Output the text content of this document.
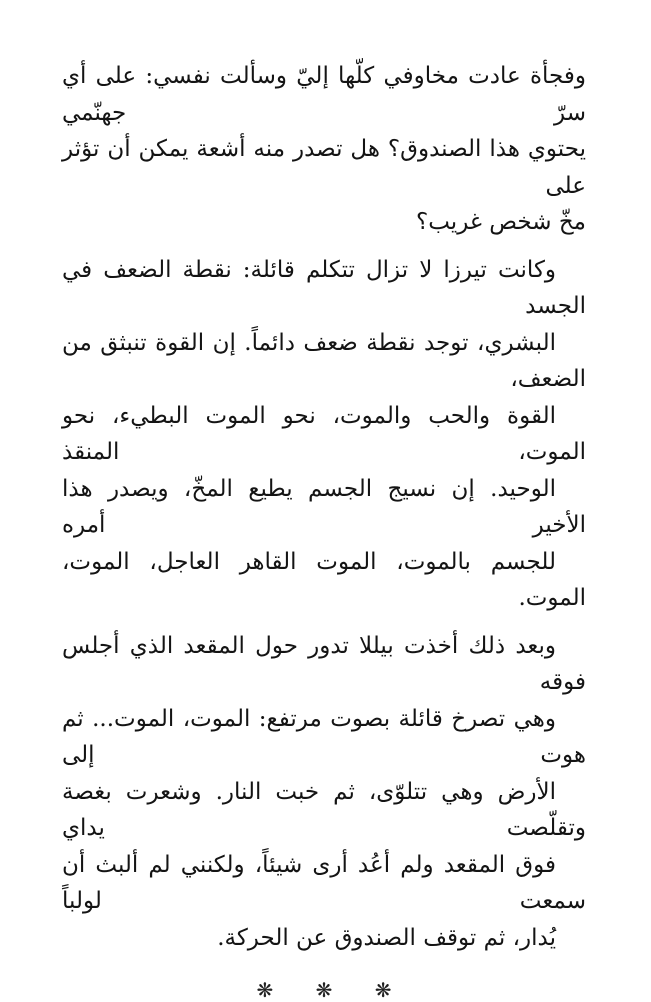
وفجأة عادت مخاوفي كلّها إليّ وسألت نفسي: على أي سرّ جهنّمي
يحتوي هذا الصندوق؟ هل تصدر منه أشعة يمكن أن تؤثر على
مخّ شخص غريب؟

وكانت تيرزا لا تزال تتكلم قائلة: نقطة الضعف في الجسد
البشري، توجد نقطة ضعف دائماً. إن القوة تنبثق من الضعف،
القوة والحب والموت، نحو الموت البطيء، نحو الموت، المنقذ
الوحيد. إن نسيج الجسم يطيع المخّ، ويصدر هذا الأخير أمره
للجسم بالموت، الموت القاهر العاجل، الموت، الموت.

وبعد ذلك أخذت بيللا تدور حول المقعد الذي أجلس فوقه
وهي تصرخ قائلة بصوت مرتفع: الموت، الموت... ثم هوت إلى
الأرض وهي تتلوّى، ثم خبت النار. وشعرت بغصة وتقلّصت يداي
فوق المقعد ولم أعُد أرى شيئاً، ولكنني لم ألبث أن سمعت لولباً
يُدار، ثم توقف الصندوق عن الحركة.

❋ ❋ ❋
